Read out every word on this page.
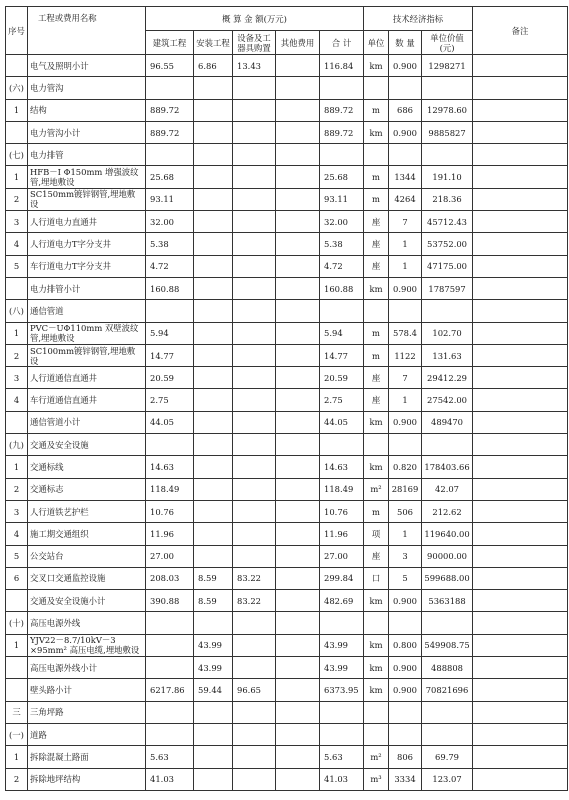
序号	工程或费用名称	概 算 金 额(万元)					技术经济指标			备注
		建筑工程	安装工程	设备及工器具购置	其他费用	合 计	单位	数 量	单位价值(元)	
	电气及照明小计	96.55	6.86	13.43		116.84	km	0.900	1298271	
(六)	电力管沟									
1	结构	889.72				889.72	m	686	12978.60	
	电力管沟小计	889.72				889.72	km	0.900	9885827	
(七)	电力排管									
1	HFB－Ⅰ Φ150mm 增强波纹管,埋地敷设	25.68				25.68	m	1344	191.10	
2	SC150mm镀锌钢管,埋地敷设	93.11				93.11	m	4264	218.36	
3	人行道电力直通井	32.00				32.00	座	7	45712.43	
4	人行道电力T字分支井	5.38				5.38	座	1	53752.00	
5	车行道电力T字分支井	4.72				4.72	座	1	47175.00	
	电力排管小计	160.88				160.88	km	0.900	1787597	
(八)	通信管道									
1	PVC－UΦ110mm 双壁波纹管,埋地敷设	5.94				5.94	m	578.4	102.70	
2	SC100mm镀锌钢管,埋地敷设	14.77				14.77	m	1122	131.63	
3	人行道通信直通井	20.59				20.59	座	7	29412.29	
4	车行道通信直通井	2.75				2.75	座	1	27542.00	
	通信管道小计	44.05				44.05	km	0.900	489470	
(九)	交通及安全设施									
1	交通标线	14.63				14.63	km	0.820	178403.66	
2	交通标志	118.49				118.49	m²	28169	42.07	
3	人行道铁艺护栏	10.76				10.76	m	506	212.62	
4	施工期交通组织	11.96				11.96	项	1	119640.00	
5	公交站台	27.00				27.00	座	3	90000.00	
6	交叉口交通监控设施	208.03	8.59	83.22		299.84	口	5	599688.00	
	交通及安全设施小计	390.88	8.59	83.22		482.69	km	0.900	5363188	
(十)	高压电源外线									
1	YJV22－8.7/10kV－3 ×95mm² 高压电缆,埋地敷设		43.99			43.99	km	0.800	549908.75	
	高压电源外线小计		43.99			43.99	km	0.900	488808	
	壁头路小计	6217.86	59.44	96.65		6373.95	km	0.900	70821696	
三	三角坪路									
(一)	道路									
1	拆除混凝土路面	5.63				5.63	m²	806	69.79	
2	拆除地坪结构	41.03				41.03	m³	3334	123.07	
